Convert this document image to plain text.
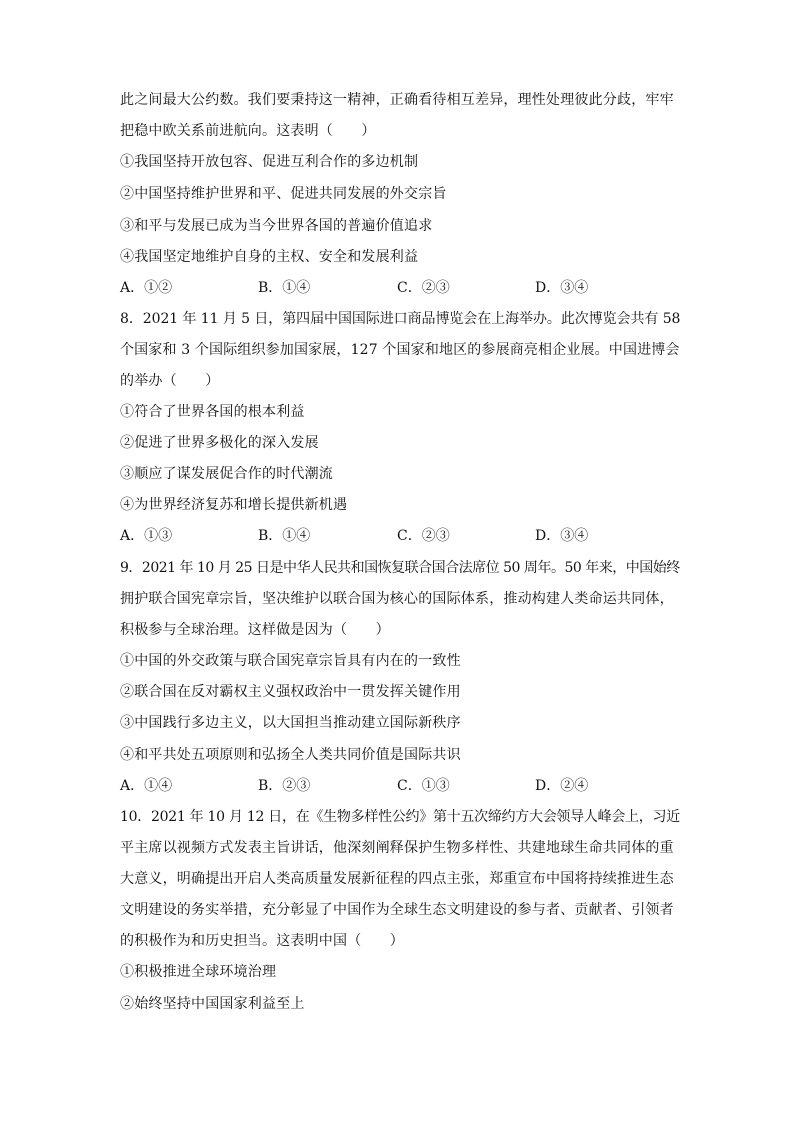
此之间最大公约数。我们要秉持这一精神，正确看待相互差异，理性处理彼此分歧，牢牢
把稳中欧关系前进航向。这表明（　　）
①我国坚持开放包容、促进互利合作的多边机制
②中国坚持维护世界和平、促进共同发展的外交宗旨
③和平与发展已成为当今世界各国的普遍价值追求
④我国坚定地维护自身的主权、安全和发展利益
A．①②	B．①④	C．②③	D．③④
8．2021 年 11 月 5 日，第四届中国国际进口商品博览会在上海举办。此次博览会共有 58
个国家和 3 个国际组织参加国家展，127 个国家和地区的参展商亮相企业展。中国进博会
的举办（　　）
①符合了世界各国的根本利益
②促进了世界多极化的深入发展
③顺应了谋发展促合作的时代潮流
④为世界经济复苏和增长提供新机遇
A．①③	B．①④	C．②③	D．③④
9．2021 年 10 月 25 日是中华人民共和国恢复联合国合法席位 50 周年。50 年来，中国始终
拥护联合国宪章宗旨，坚决维护以联合国为核心的国际体系，推动构建人类命运共同体，
积极参与全球治理。这样做是因为（　　）
①中国的外交政策与联合国宪章宗旨具有内在的一致性
②联合国在反对霸权主义强权政治中一贯发挥关键作用
③中国践行多边主义，以大国担当推动建立国际新秩序
④和平共处五项原则和弘扬全人类共同价值是国际共识
A．①④	B．②③	C．①③	D．②④
10．2021 年 10 月 12 日，在《生物多样性公约》第十五次缔约方大会领导人峰会上，习近
平主席以视频方式发表主旨讲话，他深刻阐释保护生物多样性、共建地球生命共同体的重
大意义，明确提出开启人类高质量发展新征程的四点主张，郑重宣布中国将持续推进生态
文明建设的务实举措，充分彰显了中国作为全球生态文明建设的参与者、贡献者、引领者
的积极作为和历史担当。这表明中国（　　）
①积极推进全球环境治理
②始终坚持中国国家利益至上
